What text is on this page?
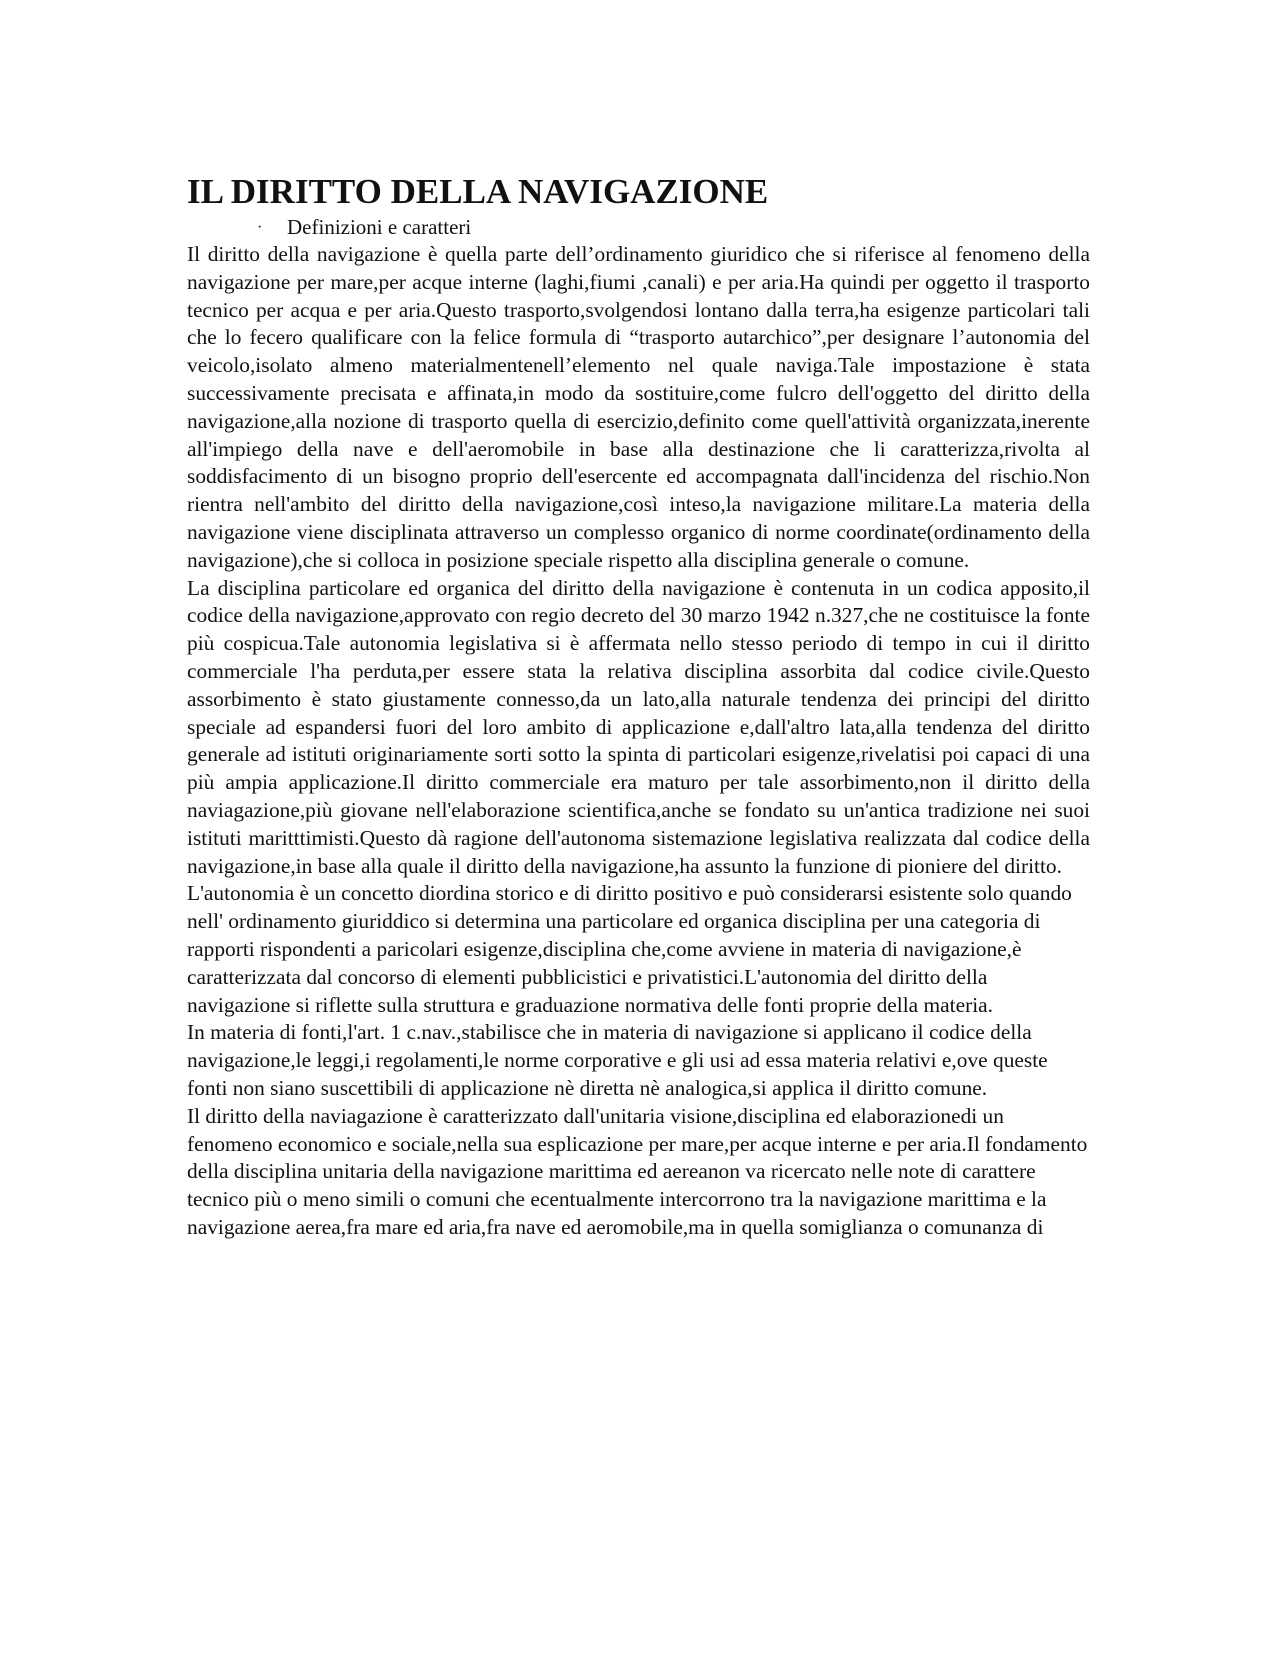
IL DIRITTO DELLA NAVIGAZIONE
· Definizioni e caratteri

Il diritto della navigazione è quella parte dell’ordinamento giuridico che si riferisce al fenomeno della navigazione per mare,per acque interne (laghi,fiumi ,canali) e per aria.Ha quindi per oggetto il trasporto tecnico per acqua e per aria.Questo trasporto,svolgendosi lontano dalla terra,ha esigenze particolari tali che lo fecero qualificare con la felice formula di “trasporto autarchico”,per designare l’autonomia del veicolo,isolato almeno materialmentenell’elemento nel quale naviga.Tale impostazione è stata successivamente precisata e affinata,in modo da sostituire,come fulcro dell'oggetto del diritto della navigazione,alla nozione di trasporto quella di esercizio,definito come quell'attività organizzata,inerente all'impiego della nave e dell'aeromobile in base alla destinazione che li caratterizza,rivolta al soddisfacimento di un bisogno proprio dell'esercente ed accompagnata dall'incidenza del rischio.Non rientra nell'ambito del diritto della navigazione,così inteso,la navigazione militare.La materia della navigazione viene disciplinata attraverso un complesso organico di norme coordinate(ordinamento della navigazione),che si colloca in posizione speciale rispetto alla disciplina generale o comune.

La disciplina particolare ed organica del diritto della navigazione è contenuta in un codica apposito,il codice della navigazione,approvato con regio decreto del 30 marzo 1942 n.327,che ne costituisce la fonte più cospicua.Tale autonomia legislativa si è affermata nello stesso periodo di tempo in cui il diritto commerciale l'ha perduta,per essere stata la relativa disciplina assorbita dal codice civile.Questo assorbimento è stato giustamente connesso,da un lato,alla naturale tendenza dei principi del diritto speciale ad espandersi fuori del loro ambito di applicazione e,dall'altro lata,alla tendenza del diritto generale ad istituti originariamente sorti sotto la spinta di particolari esigenze,rivelatisi poi capaci di una più ampia applicazione.Il diritto commerciale era maturo per tale assorbimento,non il diritto della naviagazione,più giovane nell'elaborazione scientifica,anche se fondato su un'antica tradizione nei suoi istituti maritttimisti.Questo dà ragione dell'autonoma sistemazione legislativa realizzata dal codice della navigazione,in base alla quale il diritto della navigazione,ha assunto la funzione di pioniere del diritto.

L'autonomia è un concetto diordina storico e di diritto positivo e può considerarsi esistente solo quando nell' ordinamento giuriddico si determina una particolare ed organica disciplina per una categoria di rapporti rispondenti a paricolari esigenze,disciplina che,come avviene in materia di navigazione,è caratterizzata dal concorso di elementi pubblicistici e privatistici.L'autonomia del diritto della navigazione si riflette sulla struttura e graduazione normativa delle fonti proprie della materia.

In materia di fonti,l'art. 1 c.nav.,stabilisce che in materia di navigazione si applicano il codice della navigazione,le leggi,i regolamenti,le norme corporative e gli usi ad essa materia relativi e,ove queste fonti non siano suscettibili di applicazione nè diretta nè analogica,si applica il diritto comune.

Il diritto della naviagazione è caratterizzato dall'unitaria visione,disciplina ed elaborazionedi un fenomeno economico e sociale,nella sua esplicazione per mare,per acque interne e per aria.Il fondamento della disciplina unitaria della navigazione marittima ed aereanon va ricercato nelle note di carattere tecnico più o meno simili o comuni che ecentualmente intercorrono tra la navigazione marittima e la navigazione aerea,fra mare ed aria,fra nave ed aeromobile,ma in quella somiglianza o comunanza di
